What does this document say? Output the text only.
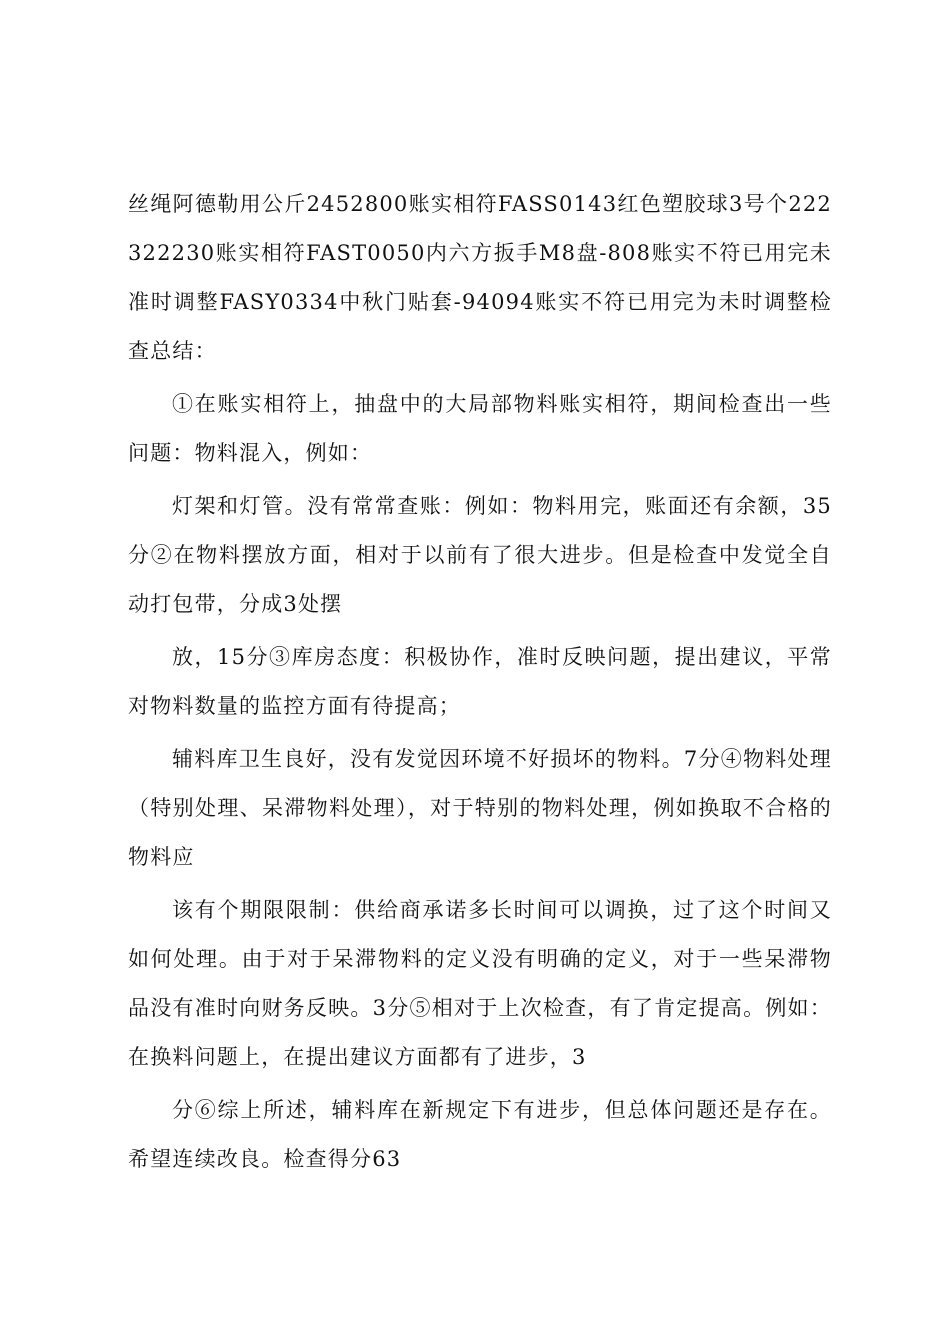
丝绳阿德勒用公斤2452800账实相符FASS0143红色塑胶球3号个222322230账实相符FAST0050内六方扳手M8盘-808账实不符已用完未准时调整FASY0334中秋门贴套-94094账实不符已用完为未时调整检查总结：

①在账实相符上，抽盘中的大局部物料账实相符，期间检查出一些问题：物料混入，例如：

灯架和灯管。没有常常查账：例如：物料用完，账面还有余额，35分②在物料摆放方面，相对于以前有了很大进步。但是检查中发觉全自动打包带，分成3处摆

放，15分③库房态度：积极协作，准时反映问题，提出建议，平常对物料数量的监控方面有待提高；

辅料库卫生良好，没有发觉因环境不好损坏的物料。7分④物料处理（特别处理、呆滞物料处理），对于特别的物料处理，例如换取不合格的物料应

该有个期限限制：供给商承诺多长时间可以调换，过了这个时间又如何处理。由于对于呆滞物料的定义没有明确的定义，对于一些呆滞物品没有准时向财务反映。3分⑤相对于上次检查，有了肯定提高。例如：在换料问题上，在提出建议方面都有了进步，3

分⑥综上所述，辅料库在新规定下有进步，但总体问题还是存在。希望连续改良。检查得分63
